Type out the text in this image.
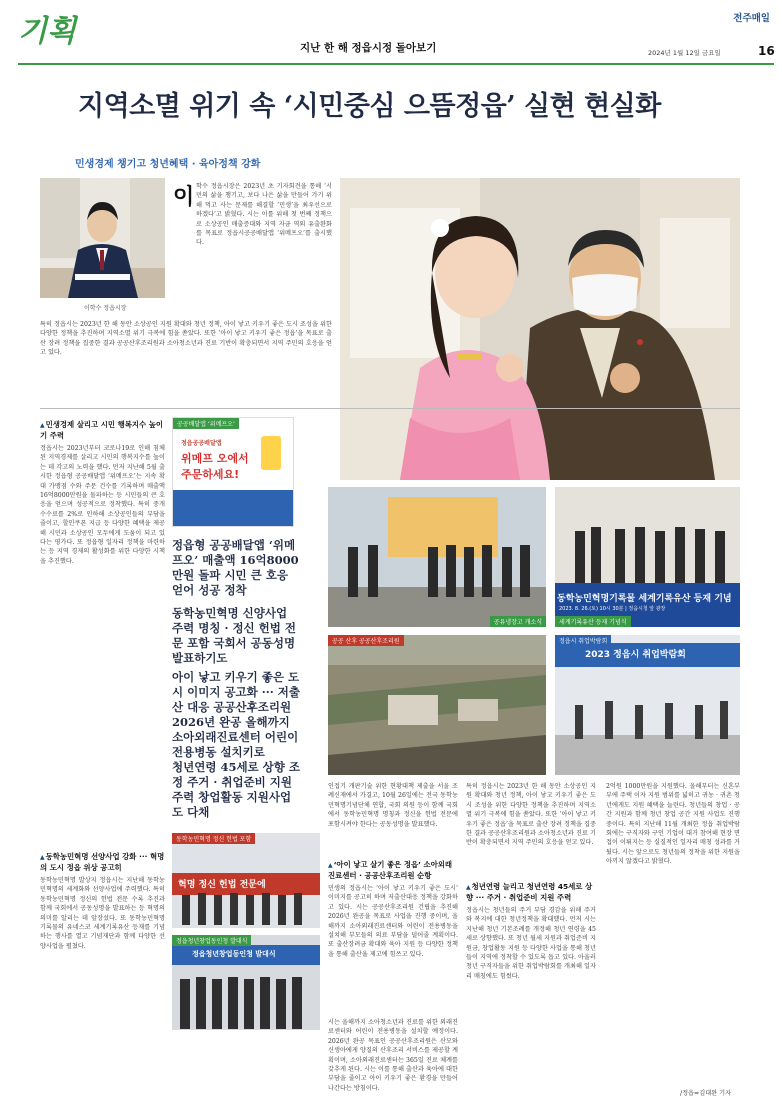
기획	지난 한 해 정읍시정 돌아보기
전주매일
2024년 1월 12일 금요일	16
지역소멸 위기 속 ‘시민중심 으뜸정읍’ 실현 현실화
민생경제 챙기고 청년혜택 · 육아정책 강화
이학수 정읍시장
이 학수 정읍시장은 2023년 초 기자회견을 통해 ‘시민의 삶을 챙기고, 보다 나은 삶을 만들어 가기 위해 먹고 사는 문제를 해결할 ‘민생’을 최우선으로 하겠다’고 밝혔다. 시는 이를 위해 첫 번째 정책으로 소상공인 매출증대와 지역 자금 역외 유출완화를 목표로 정읍시공공배달앱 ‘위메프오’를 출시했다.
특히 정읍시는 2023년 한 해 동안 소상공인 지원 확대와 청년 정책, 아이 낳고 키우기 좋은 도시 조성을 위한 다양한 정책을 추진하며 지역소멸 위기 극복에 힘을 쏟았다. 또한 ‘아이 낳고 키우기 좋은 정읍’을 목표로 출산 장려 정책을 집중한 결과 공공산후조리원과 소아청소년과 진료 기반이 확충되면서 지역 주민의 호응을 얻고 있다.
▲ 민생경제 살리고 시민 행복지수 높이기 주력
정읍시는 2023년부터 코로나19로 인해 침체된 지역경제를 살리고 시민의 행복지수를 높이는 데 각고의 노력을 했다. 먼저 지난해 5월 출시한 정읍형 공공배달앱 ‘위메프오’는 지속 확대 가맹점 수와 주문 건수를 기록하며 매출액 16억8000만원을 돌파하는 등 시민들의 큰 호응을 얻으며 성공적으로 정착했다. 특히 중개수수료를 2%로 인하해 소상공인들의 부담을 줄이고, 할인쿠폰 지급 등 다양한 혜택을 제공해 시민과 소상공인 모두에게 도움이 되고 있다는 평가다. 또 정읍형 일자리 정책을 마련하는 등 지역 경제의 활성화를 위한 다양한 시책을 추진했다.
▲ 동학농민혁명 선양사업 강화 ··· 혁명의 도시 정읍 위상 공고히
동학농민혁명 발상지 정읍시는 지난해 동학농민혁명의 세계화와 선양사업에 주력했다. 특히 동학농민혁명 정신의 헌법 전문 수록 추진과 함께 국회에서 공동성명을 발표하는 등 혁명의 의미를 알리는 데 앞장섰다. 또 동학농민혁명기록물의 유네스코 세계기록유산 등재를 기념하는 행사를 열고 기념재단과 함께 다양한 선양사업을 펼쳤다.
공공배달앱 ‘위메프오’
정읍공공배달앱
위메프 오에서
주문하세요!
정읍형 공공배달앱 ‘위메프오’ 매출액 16억8000만원 돌파 시민 큰 호응 얻어 성공 정착
동학농민혁명 신양사업 주력 명칭 · 정신 헌법 전문 포함 국회서 공동성명 발표하기도
아이 낳고 키우기 좋은 도시 이미지 공고화 ··· 저출산 대응 공공산후조리원 2026년 완공 올해까지 소아외래진료센터 어린이 전용병동 설치키로
청년연령 45세로 상향 조정 주거 · 취업준비 지원 주력 창업활동 지원사업도 다채
공유냉장고 개소식
동학농민혁명기록물 세계기록유산 등재 기념
2023. 8. 26.(토) 10시 30분 | 정읍시청 앞 광장
세계기록유산 등재 기념식
공공 산후 공공산후조리원
2023 정읍시 취업박람회
정읍시 취업박람회
혁명 정신 헌법 전문에
동학농민혁명 정신 헌법 포함
정읍청년창업동인청 발대식
정읍청년창업동인청 발대식
인접기 개판기술 위한 현황대책 제출을 서울 조례신재에서 가결고, 10월 26일에는 전국 동학농민혁명기념단체 연합, 국회 의원 등이 함께 국회에서 동학농민혁명 명칭과 정신을 헌법 전문에 포함시켜야 한다는 공동성명을 발표했다.
▲ ‘아이 낳고 살기 좋은 정읍’ 소아외래진료센터 · 공공산후조리원 순항
민생의 정읍시는 ‘아이 낳고 키우기 좋은 도시’ 이미지를 공고히 하며 저출산대응 정책을 강화하고 있다. 시는 공공산후조리원 건립을 추진해 2026년 완공을 목표로 사업을 진행 중이며, 올해까지 소아외래진료센터와 어린이 전용병동을 설치해 부모들의 의료 부담을 덜어줄 계획이다. 또 출산장려금 확대와 육아 지원 등 다양한 정책을 통해 출산율 제고에 힘쓰고 있다.
시는 올해까지 소아청소년과 진료를 위한 외래진료센터와 어린이 전용병동을 설치할 예정이다. 2026년 완공 목표인 공공산후조리원은 산모와 신생아에게 양질의 산후조리 서비스를 제공할 계획이며, 소아외래진료센터는 365일 진료 체계를 갖추게 된다. 시는 이를 통해 출산과 육아에 대한 부담을 줄이고 아이 키우기 좋은 환경을 만들어 나간다는 방침이다.
특히 정읍시는 2023년 한 해 동안 소상공인 지원 확대와 청년 정책, 아이 낳고 키우기 좋은 도시 조성을 위한 다양한 정책을 추진하며 지역소멸 위기 극복에 힘을 쏟았다. 또한 ‘아이 낳고 키우기 좋은 정읍’을 목표로 출산 장려 정책을 집중한 결과 공공산후조리원과 소아청소년과 진료 기반이 확충되면서 지역 주민의 호응을 얻고 있다.
▲ 청년연령 늘리고 청년연령 45세로 상향 ··· 주거 · 취업준비 지원 주력
정읍시는 청년들의 주거 부담 경감을 위해 주거와 복지에 대한 청년정책을 확대했다. 먼저 시는 지난해 청년 기본조례를 개정해 청년 연령을 45세로 상향했다. 또 청년 월세 지원과 취업준비 지원금, 창업활동 지원 등 다양한 사업을 통해 청년들이 지역에 정착할 수 있도록 돕고 있다. 아울러 청년 구직자들을 위한 취업박람회를 개최해 일자리 매칭에도 힘썼다.
2억원 1000만원을 지원했다. 올해부터는 신혼부부에 주택 이자 지원 범위를 넓히고 귀농 · 귀촌 청년에게도 지원 혜택을 늘린다. 청년들의 창업 · 공간 지원과 함께 청년 창업 공간 지원 사업도 진행 중이다. 특히 지난해 11월 개최한 정읍 취업박람회에는 구직자와 구인 기업이 대거 참여해 현장 면접이 이뤄지는 등 실질적인 일자리 매칭 성과를 거뒀다. 시는 앞으로도 청년들의 정착을 위한 지원을 아끼지 않겠다고 밝혔다.
/정읍=김대완 기자
